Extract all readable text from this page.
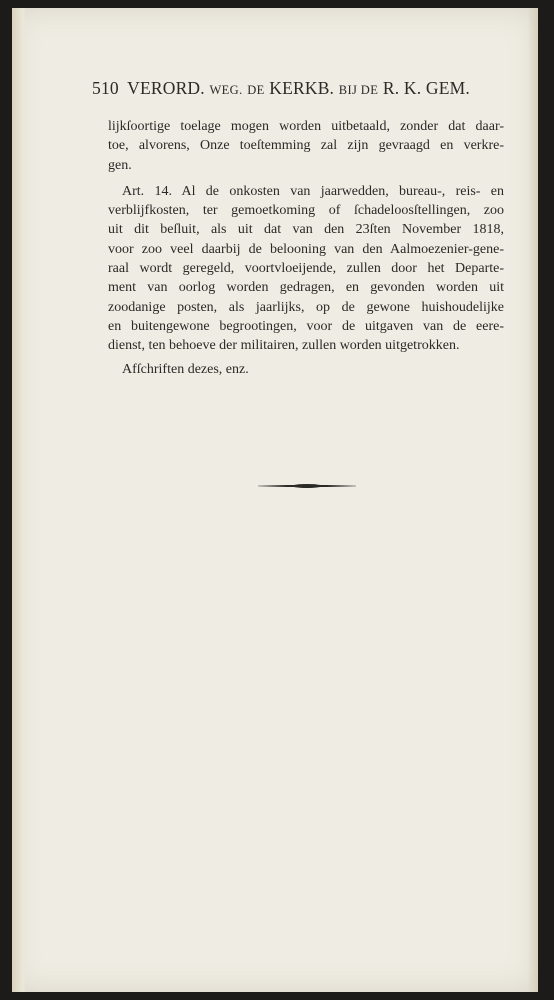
510 VERORD. WEG. DE KERKB. BIJ DE R. K. GEM.
lijkſoortige toelage mogen worden uitbetaald, zonder dat daar-
toe, alvorens, Onze toeſtemming zal zijn gevraagd en verkre-
gen.
Art. 14. Al de onkosten van jaarwedden, bureau-, reis- en
verblijfkosten, ter gemoetkoming of ſchadeloosſtellingen, zoo
uit dit beſluit, als uit dat van den 23ſten November 1818,
voor zoo veel daarbij de belooning van den Aalmoezenier-gene-
raal wordt geregeld, voortvloeijende, zullen door het Departe-
ment van oorlog worden gedragen, en gevonden worden uit
zoodanige posten, als jaarlijks, op de gewone huishoudelijke
en buitengewone begrootingen, voor de uitgaven van de eere-
dienst, ten behoeve der militairen, zullen worden uitgetrokken.
Afſchriften dezes, enz.
